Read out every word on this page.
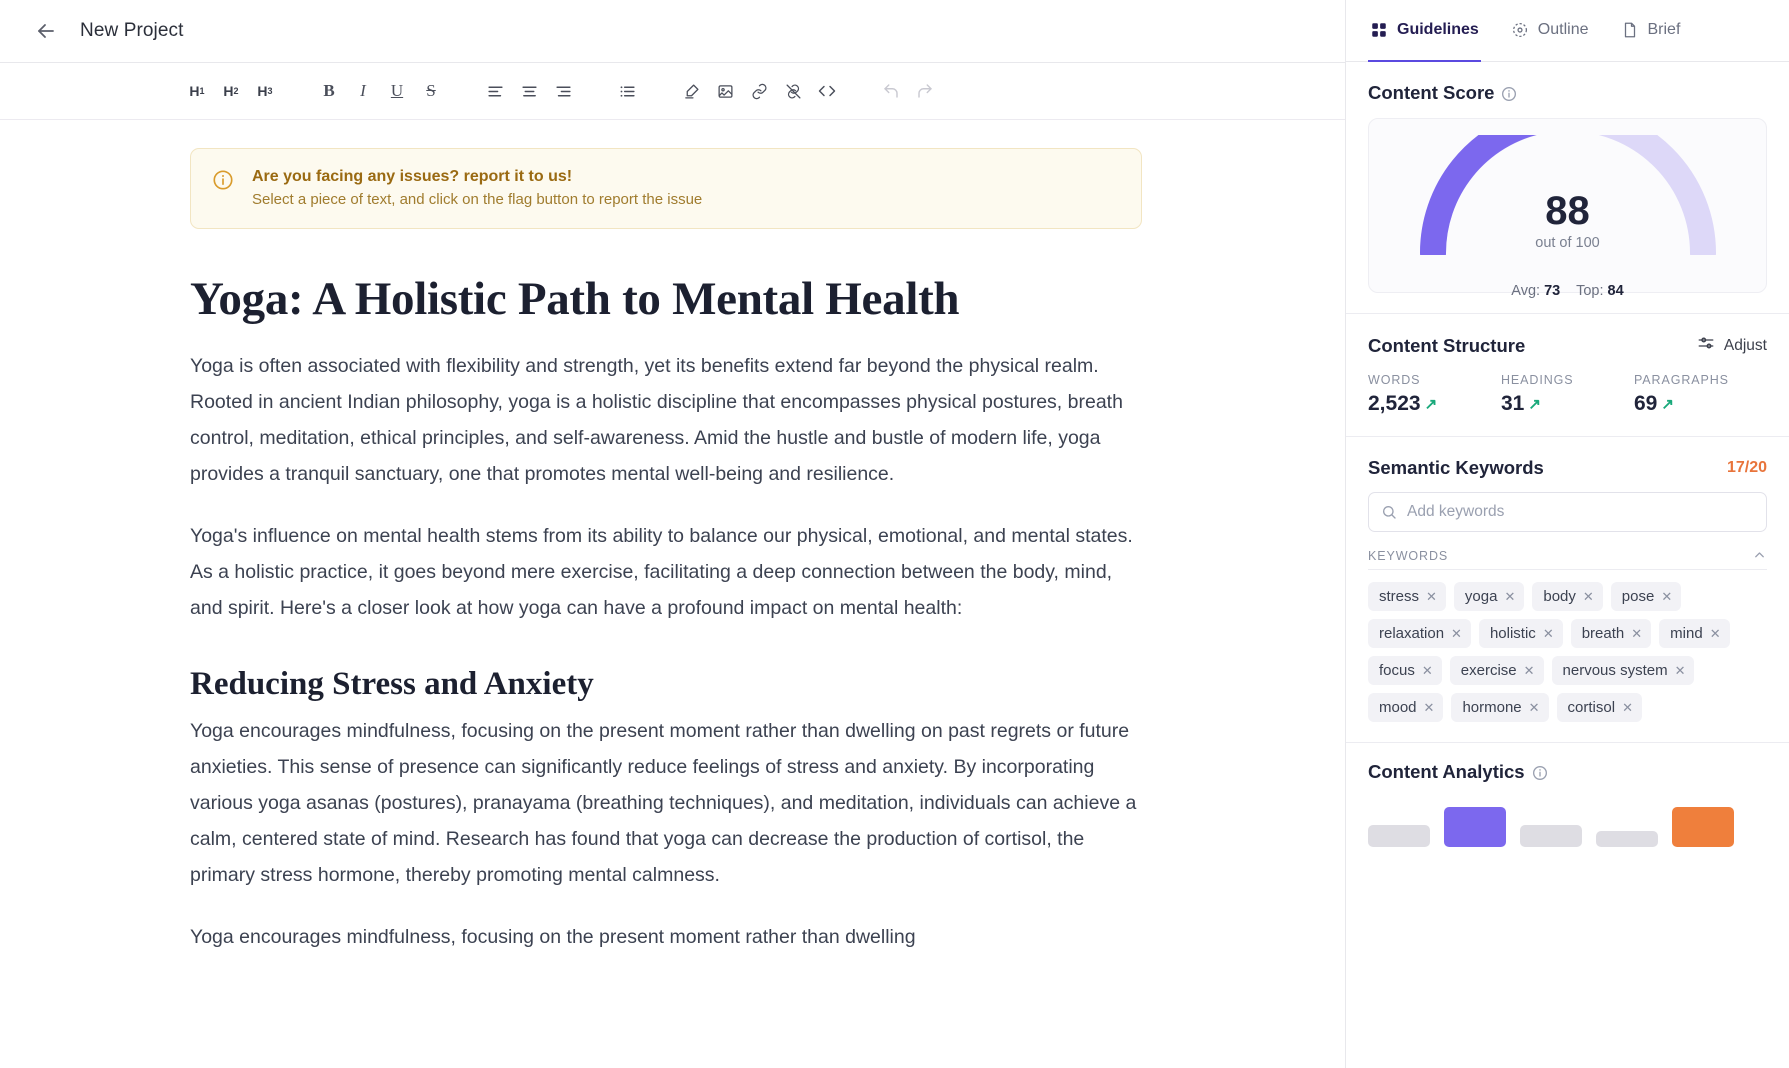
New Project
H 1	H 2	H 3	B	I	U	S
Are you facing any issues? report it to us!
Select a piece of text, and click on the flag button to report the issue
Yoga: A Holistic Path to Mental Health

Yoga is often associated with flexibility and strength, yet its benefits extend far beyond the physical realm. Rooted in ancient Indian philosophy, yoga is a holistic discipline that encompasses physical postures, breath control, meditation, ethical principles, and self-awareness. Amid the hustle and bustle of modern life, yoga provides a tranquil sanctuary, one that promotes mental well-being and resilience.

Yoga's influence on mental health stems from its ability to balance our physical, emotional, and mental states. As a holistic practice, it goes beyond mere exercise, facilitating a deep connection between the body, mind, and spirit. Here's a closer look at how yoga can have a profound impact on mental health:

Reducing Stress and Anxiety

Yoga encourages mindfulness, focusing on the present moment rather than dwelling on past regrets or future anxieties. This sense of presence can significantly reduce feelings of stress and anxiety. By incorporating various yoga asanas (postures), pranayama (breathing techniques), and meditation, individuals can achieve a calm, centered state of mind. Research has found that yoga can decrease the production of cortisol, the primary stress hormone, thereby promoting mental calmness.

Yoga encourages mindfulness, focusing on the present moment rather than dwelling

Guidelines	Outline	Brief
Content Score
88
out of 100
Avg: 73 Top: 84
Content Structure	Adjust
WORDS
2,523 ↗
HEADINGS
31 ↗
PARAGRAPHS
69 ↗
Semantic Keywords	17/20
Add keywords
KEYWORDS
stress ✕ yoga ✕ body ✕ pose ✕
relaxation ✕ holistic ✕ breath ✕ mind ✕
focus ✕ exercise ✕ nervous system ✕
mood ✕ hormone ✕ cortisol ✕
Content Analytics
